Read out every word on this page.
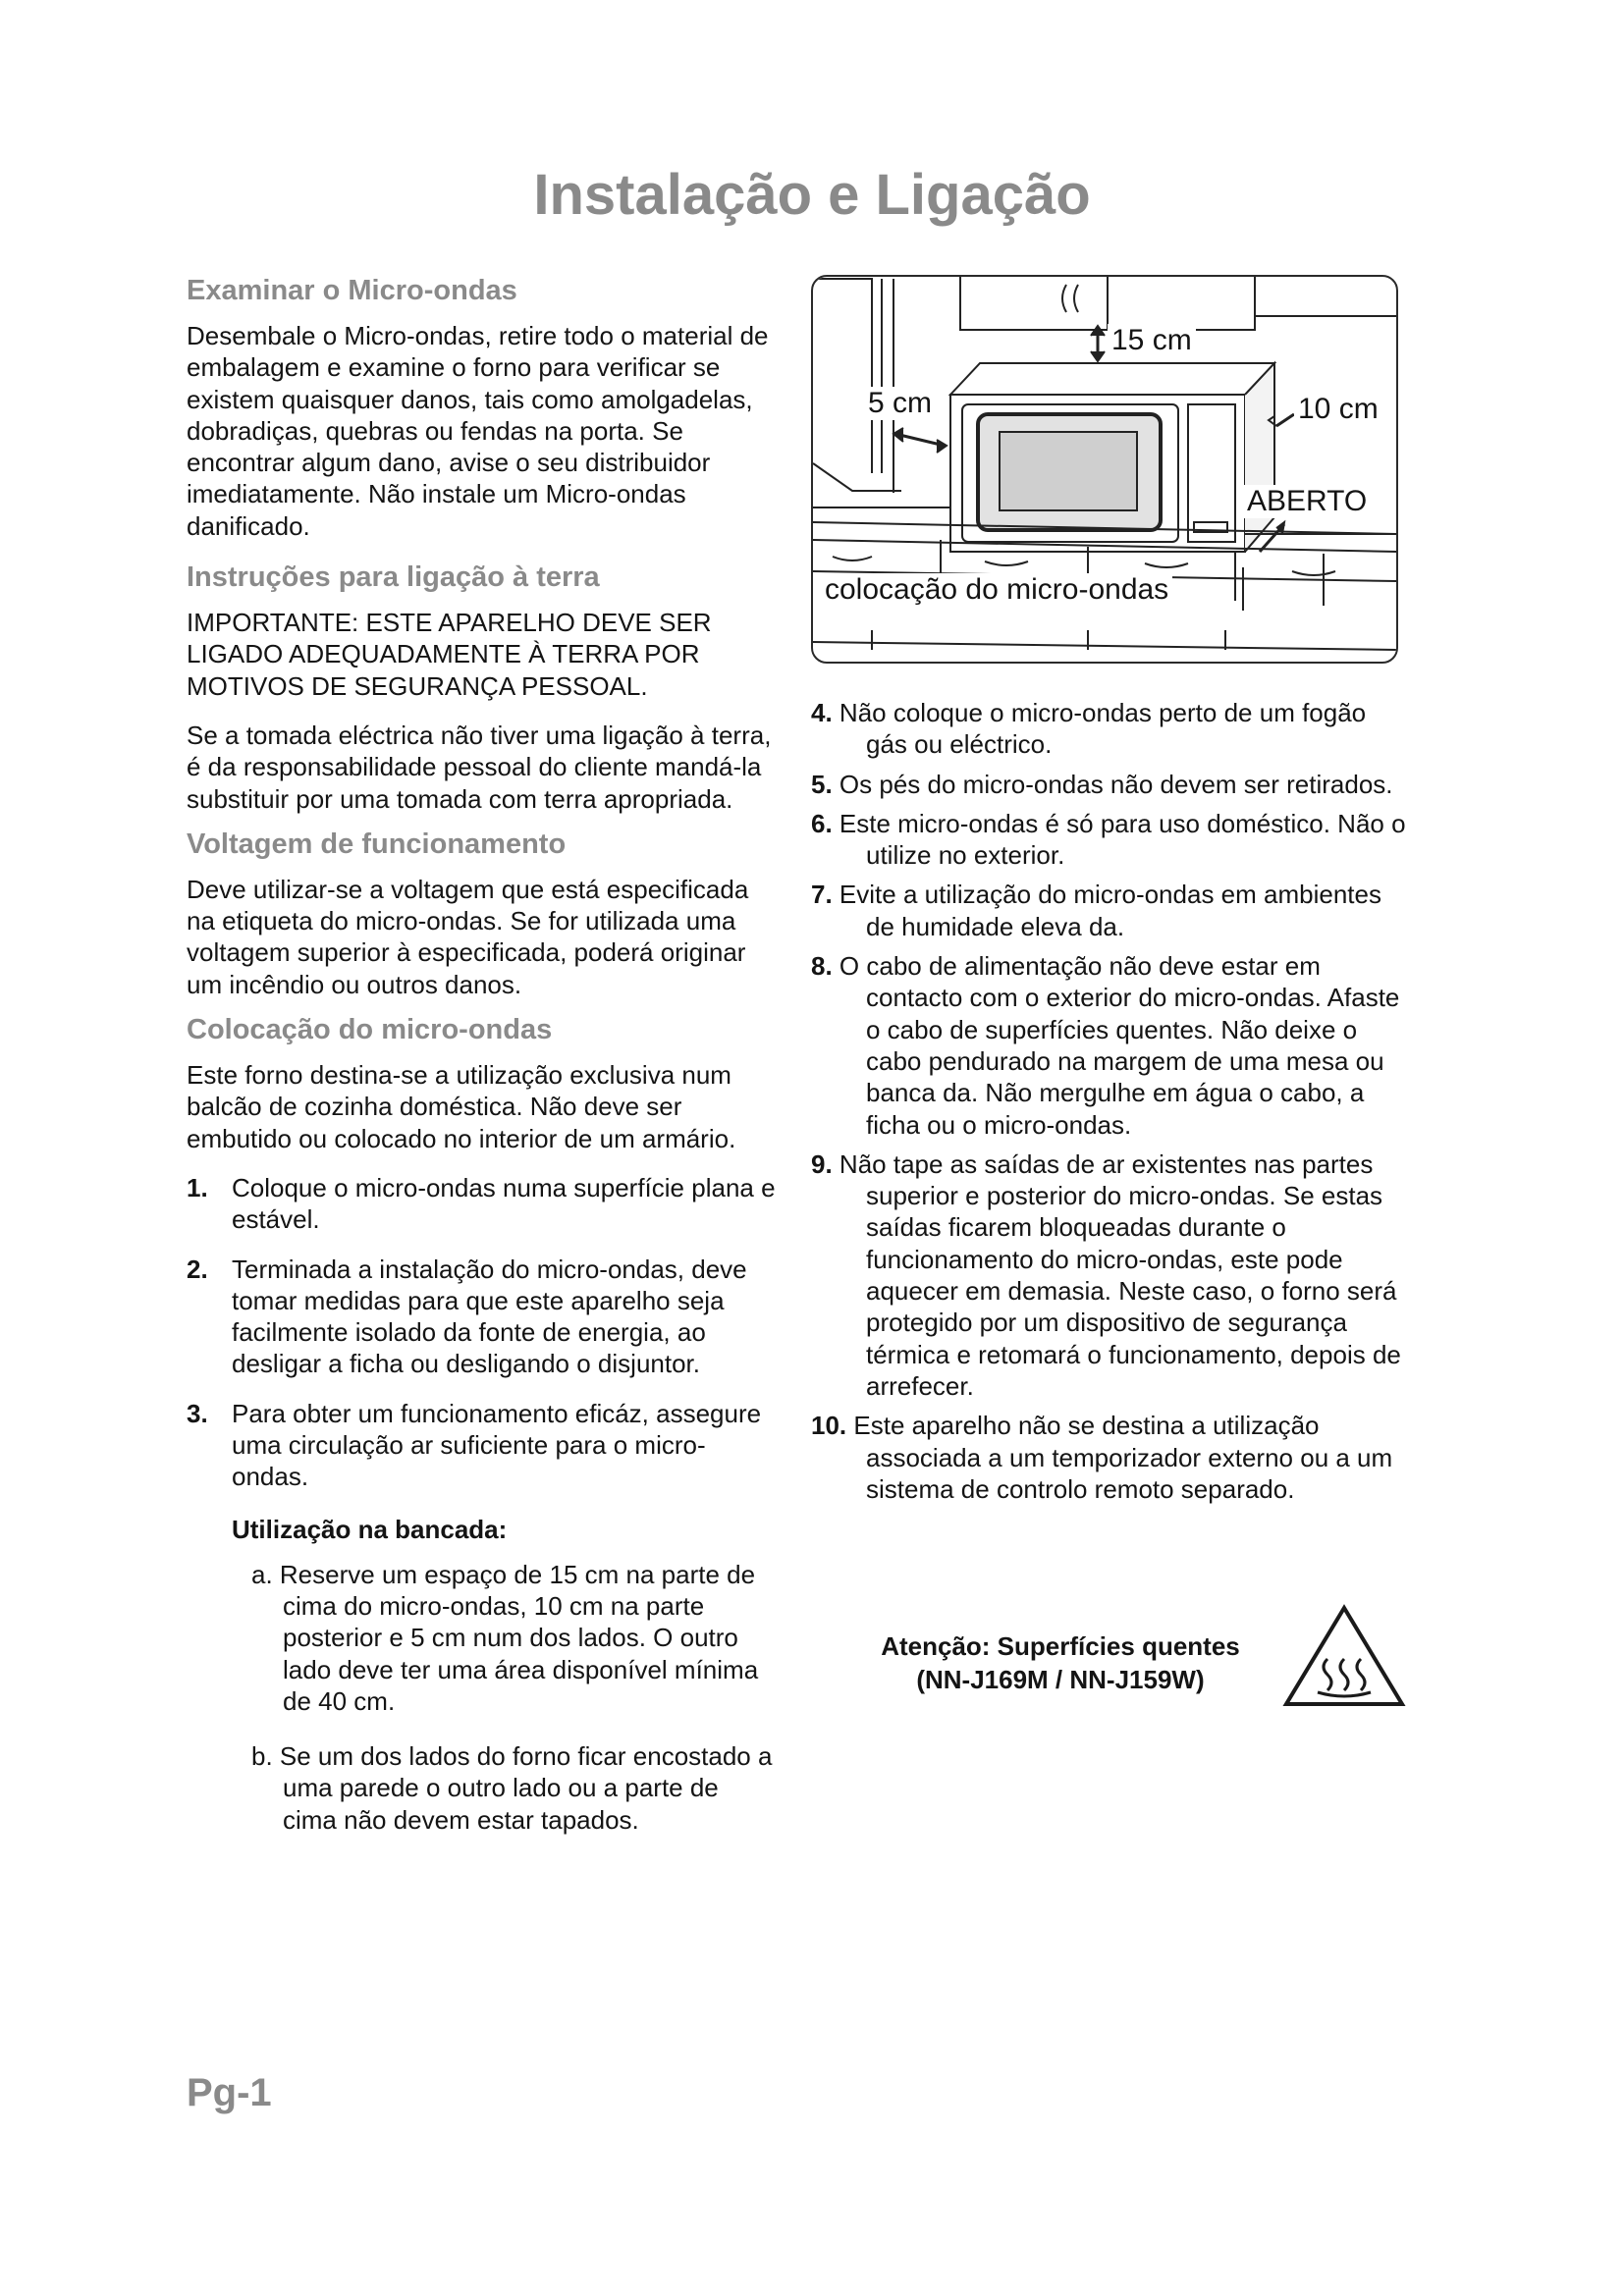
Instalação e Ligação
Examinar o Micro-ondas

Desembale o Micro-ondas, retire todo o material de embalagem e examine o forno para verificar se existem quaisquer danos, tais como amolgadelas, dobradiças, quebras ou fendas na porta. Se encontrar algum dano, avise o seu distribuidor imediatamente. Não instale um Micro-ondas danificado.

Instruções para ligação à terra

IMPORTANTE: ESTE APARELHO DEVE SER LIGADO ADEQUADAMENTE À TERRA POR MOTIVOS DE SEGURANÇA PESSOAL.

Se a tomada eléctrica não tiver uma ligação à terra, é da responsabilidade pessoal do cliente mandá-la substituir por uma tomada com terra apropriada.

Voltagem de funcionamento

Deve utilizar-se a voltagem que está especificada na etiqueta do micro-ondas. Se for utilizada uma voltagem superior à especificada, poderá originar um incêndio ou outros danos.

Colocação do micro-ondas

Este forno destina-se a utilização exclusiva num balcão de cozinha doméstica. Não deve ser embutido ou colocado no interior de um armário.

1. Coloque o micro-ondas numa superfície plana e estável.
2. Terminada a instalação do micro-ondas, deve tomar medidas para que este aparelho seja facilmente isolado da fonte de energia, ao desligar a ficha ou desligando o disjuntor.
3. Para obter um funcionamento eficáz, assegure uma circulação ar suficiente para o micro-ondas.
Utilização na bancada:
a. Reserve um espaço de 15 cm na parte de cima do micro-ondas, 10 cm na parte posterior e 5 cm num dos lados. O outro lado deve ter uma área disponível mínima de 40 cm.
b. Se um dos lados do forno ficar encostado a uma parede o outro lado ou a parte de cima não devem estar tapados.
15 cm
5 cm	10 cm
ABERTO
colocação do micro-ondas
4. Não coloque o micro-ondas perto de um fogão gás ou eléctrico.
5. Os pés do micro-ondas não devem ser retirados.
6. Este micro-ondas é só para uso doméstico. Não o utilize no exterior.
7. Evite a utilização do micro-ondas em ambientes de humidade eleva da.
8. O cabo de alimentação não deve estar em contacto com o exterior do micro-ondas. Afaste o cabo de superfícies quentes. Não deixe o cabo pendurado na margem de uma mesa ou banca da. Não mergulhe em água o cabo, a ficha ou o micro-ondas.
9. Não tape as saídas de ar existentes nas partes superior e posterior do micro-ondas. Se estas saídas ficarem bloqueadas durante o funcionamento do micro-ondas, este pode aquecer em demasia. Neste caso, o forno será protegido por um dispositivo de segurança térmica e retomará o funcionamento, depois de arrefecer.
10. Este aparelho não se destina a utilização associada a um temporizador externo ou a um sistema de controlo remoto separado.
Atenção: Superfícies quentes
(NN-J169M / NN-J159W)
Pg-1
